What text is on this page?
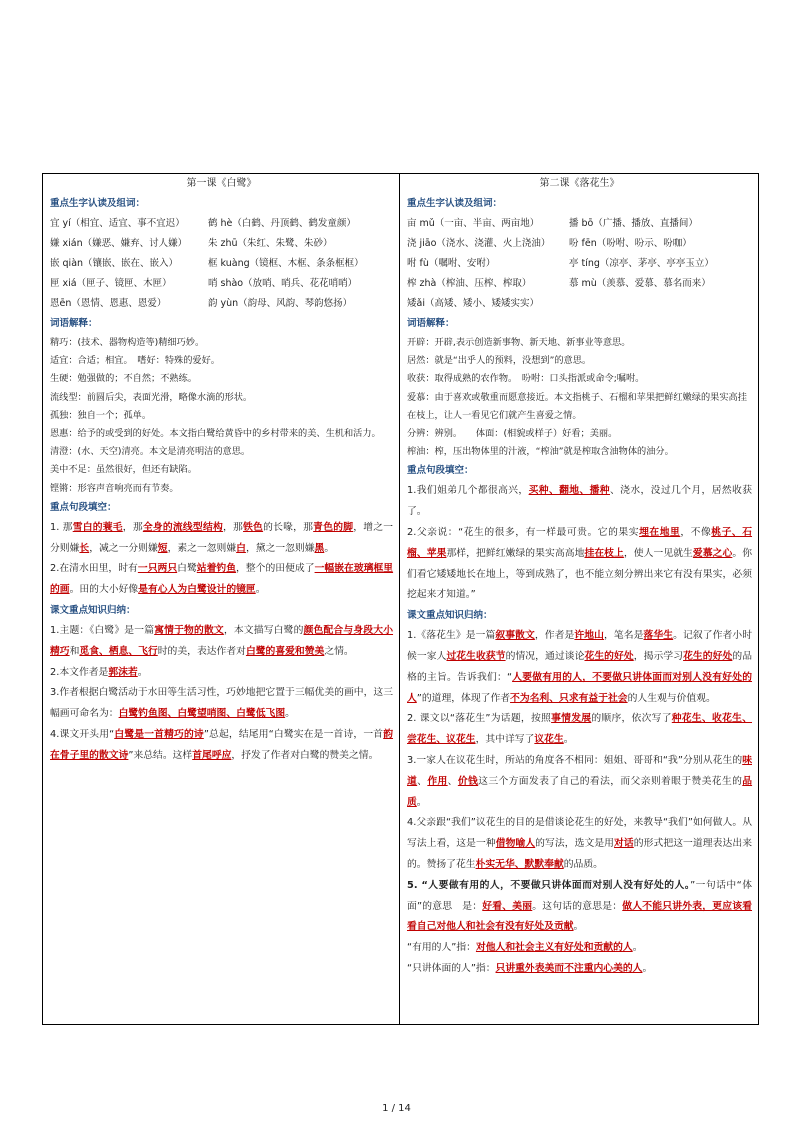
第一课《白鹭》
重点生字认读及组词：
宜 yí（相宜、适宜、事不宜迟） 鹤 hè（白鹤、丹顶鹤、鹤发童颜）
嫌 xián（嫌恶、嫌弃、讨人嫌） 朱 zhū（朱红、朱鹭、朱砂）
嵌 qiàn（镶嵌、嵌在、嵌入）	框 kuàng（镜框、木框、条条框框）
匣 xiá（匣子、镜匣、木匣）	哨 shào（放哨、哨兵、花花哨哨）
恩ēn（恩情、恩惠、恩爱）	韵 yùn（韵母、风韵、琴韵悠扬）
词语解释：
精巧：(技术、器物构造等)精细巧妙。
适宜：合适；相宜。　嗜好：特殊的爱好。
生硬：勉强做的；不自然；不熟练。
流线型：前圆后尖，表面光滑，略像水滴的形状。
孤独：独自一个；孤单。
恩惠：给予的或受到的好处。本文指白鹭给黄昏中的乡村带来的美、生机和活力。
清澄：(水、天空)清亮。本文是清亮明洁的意思。
美中不足：虽然很好，但还有缺陷。
铿锵：形容声音响亮而有节奏。
重点句段填空：
1. 那雪白的蓑毛，那全身的流线型结构，那铁色的长喙，那青色的脚，增之一分则嫌长，减之一分则嫌短，素之一忽则嫌白，黛之一忽则嫌黑。
2.在清水田里，时有一只两只白鹭站着钓鱼，整个的田便成了一幅嵌在玻璃框里的画。田的大小好像是有心人为白鹭设计的镜匣。
课文重点知识归纳：
1.主题：《白鹭》是一篇寓情于物的散文，本文描写白鹭的颜色配合与身段大小精巧和觅食、栖息、飞行时的美，表达作者对白鹭的喜爱和赞美之情。
2.本文作者是郭沫若。
3.作者根据白鹭活动于水田等生活习性，巧妙地把它置于三幅优美的画中，这三幅画可命名为：白鹭钓鱼图、白鹭望哨图、白鹭低飞图。
4.课文开头用“白鹭是一首精巧的诗”总起，结尾用“白鹭实在是一首诗，一首韵在骨子里的散文诗”来总结。这样首尾呼应，抒发了作者对白鹭的赞美之情。

第二课《落花生》
重点生字认读及组词：
亩 mǔ（一亩、半亩、两亩地）	播 bō（广播、播放、直播间）
浇 jiāo（浇水、浇灌、火上浇油） 吩 fēn（吩咐、吩示、吩咖）
咐 fù（嘱咐、安咐）	亭 tíng（凉亭、茅亭、亭亭玉立）
榨 zhà（榨油、压榨、榨取）	慕 mù（羡慕、爱慕、慕名而来）
矮ǎi（高矮、矮小、矮矮实实）
词语解释：
开辟：开辟,表示创造新事物、新天地、新事业等意思。
居然：就是“出乎人的预料，没想到”的意思。
收获：取得成熟的农作物。　吩咐：口头指派或命令;嘱咐。
爱慕：由于喜欢或敬重而愿意接近。本文指桃子、石榴和苹果把鲜红嫩绿的果实高挂在枝上，让人一看见它们就产生喜爱之情。
分辨：辨别。　　体面：(相貌或样子）好看；美丽。
榨油：榨，压出物体里的汁液，“榨油”就是榨取含油物体的油分。
重点句段填空：
1.我们姐弟几个都很高兴，买种、翻地、播种、浇水，没过几个月，居然收获了。
2.父亲说：“花生的很多，有一样最可贵。它的果实埋在地里，不像桃子、石榴、苹果那样，把鲜红嫩绿的果实高高地挂在枝上，使人一见就生爱慕之心。你们看它矮矮地长在地上，等到成熟了，也不能立刻分辨出来它有没有果实，必须挖起来才知道。”
课文重点知识归纳：
1.《落花生》是一篇叙事散文，作者是许地山，笔名是落华生。记叙了作者小时候一家人过花生收获节的情况，通过谈论花生的好处，揭示学习花生的好处的品格的主旨。告诉我们：“人要做有用的人，不要做只讲体面而对别人没有好处的人”的道理，体现了作者不为名利、只求有益于社会的人生观与价值观。
2. 课文以“落花生”为话题，按照事情发展的顺序，依次写了种花生、收花生、尝花生、议花生，其中详写了议花生。
3.一家人在议花生时，所站的角度各不相同：姐姐、哥哥和“我”分别从花生的味道、作用、价钱这三个方面发表了自己的看法，而父亲则着眼于赞美花生的品质。
4.父亲跟“我们”议花生的目的是借谈论花生的好处，来教导“我们”如何做人。从写法上看，这是一种借物喻人的写法，选文是用对话的形式把这一道理表达出来的。赞扬了花生朴实无华、默默奉献的品质。
5. “人要做有用的人，不要做只讲体面而对别人没有好处的人。”一句话中“体面”的意思　是：好看、美丽。这句话的意思是：做人不能只讲外表，更应该看看自己对他人和社会有没有好处及贡献。
“有用的人”指：对他人和社会主义有好处和贡献的人。
“只讲体面的人”指：只讲重外表美而不注重内心美的人。
1 / 14
